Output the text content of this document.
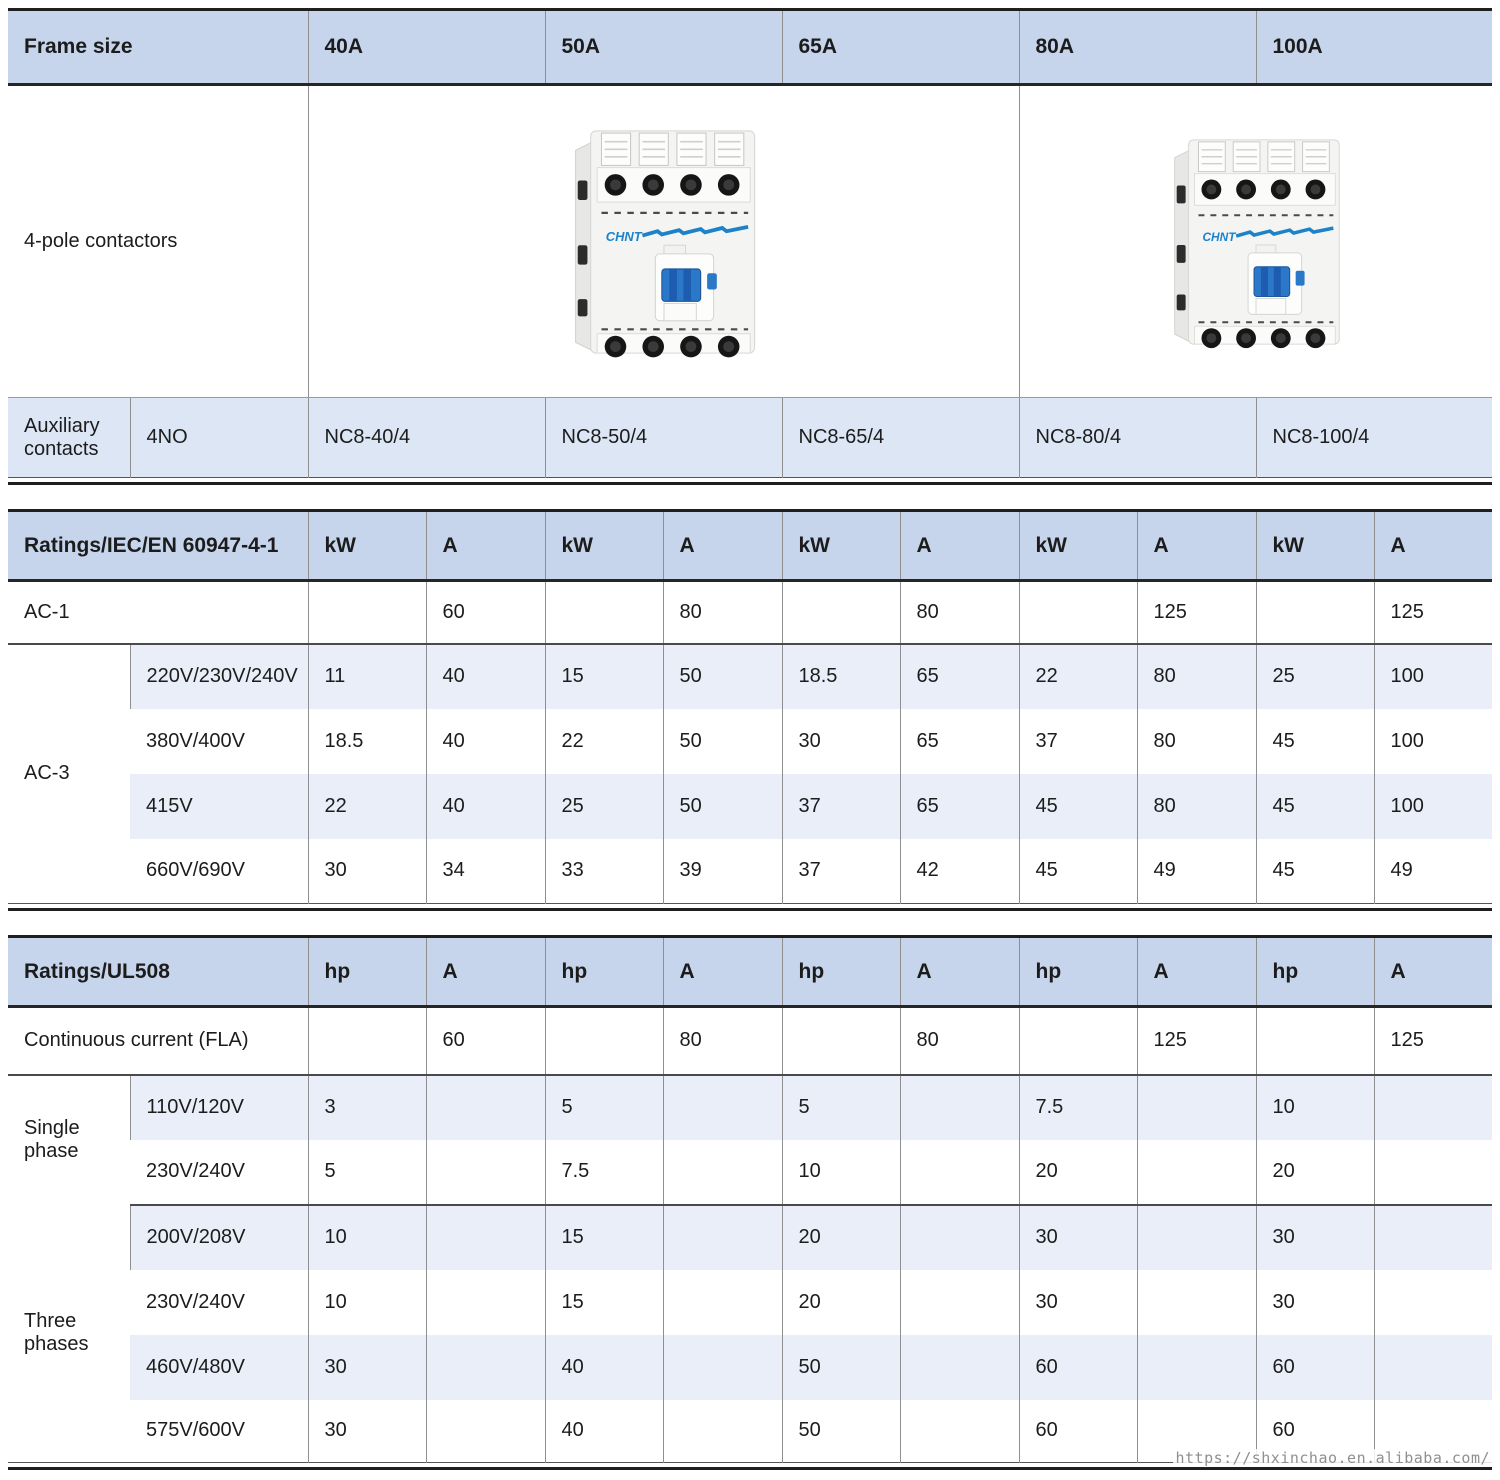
Frame size		40A	50A	65A	80A	100A
4-pole contactors		
Auxiliary contacts	4NO	NC8-40/4	NC8-50/4	NC8-65/4	NC8-80/4	NC8-100/4
Ratings/IEC/EN 60947-4-1		kW	A	kW	A	kW	A	kW	A	kW	A
AC-1			60		80		80		125		125
AC-3	220V/230V/240V	11	40	15	50	18.5	65	22	80	25	100
	380V/400V	18.5	40	22	50	30	65	37	80	45	100
	415V	22	40	25	50	37	65	45	80	45	100
	660V/690V	30	34	33	39	37	42	45	49	45	49
Ratings/UL508		hp	A	hp	A	hp	A	hp	A	hp	A
Continuous current (FLA)			60		80		80		125		125
Single phase	110V/120V	3		5		5		7.5		10	
	230V/240V	5		7.5		10		20		20	
Three phases	200V/208V	10		15		20		30		30	
	230V/240V	10		15		20		30		30	
	460V/480V	30		40		50		60		60	
	575V/600V	30		40		50		60		60	
https://shxinchao.en.alibaba.com/
